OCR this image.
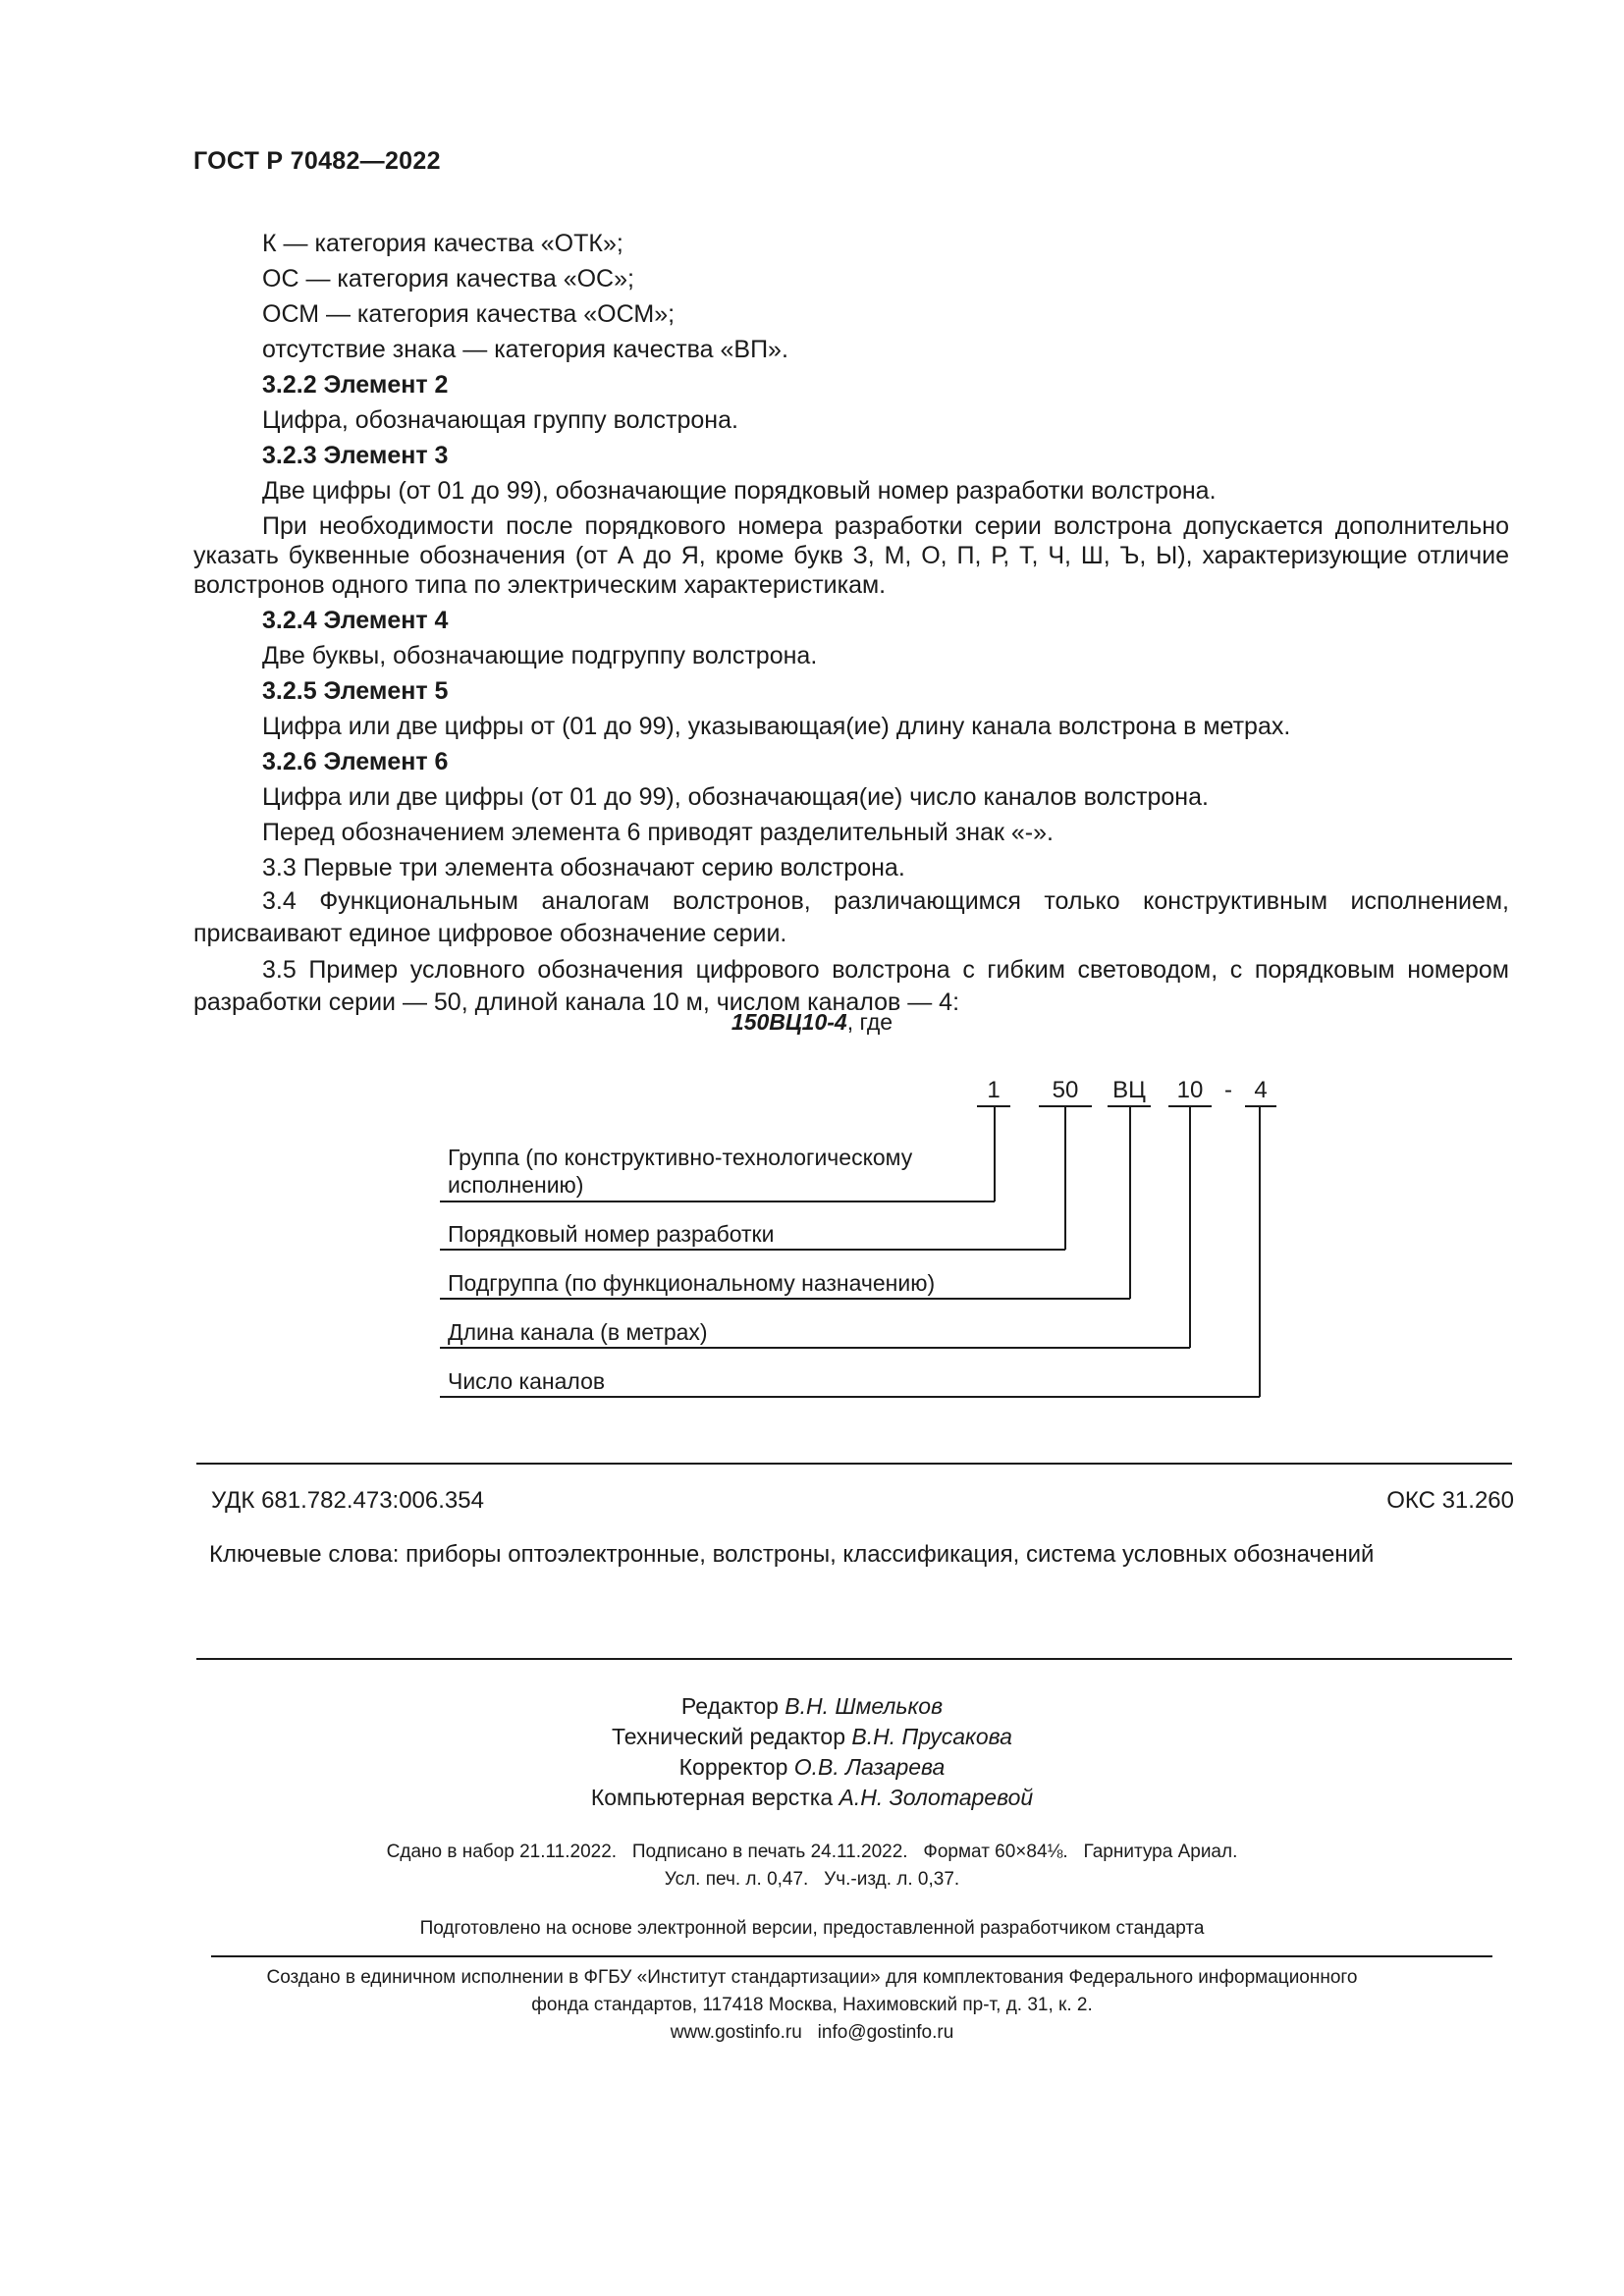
ГОСТ Р 70482—2022

К — категория качества «ОТК»;

ОС — категория качества «ОС»;

ОСМ — категория качества «ОСМ»;

отсутствие знака — категория качества «ВП».

3.2.2 Элемент 2

Цифра, обозначающая группу волстрона.

3.2.3 Элемент 3

Две цифры (от 01 до 99), обозначающие порядковый номер разработки волстрона.

При необходимости после порядкового номера разработки серии волстрона допускается дополнительно указать буквенные обозначения (от А до Я, кроме букв З, М, О, П, Р, Т, Ч, Ш, Ъ, Ы), характеризующие отличие волстронов одного типа по электрическим характеристикам.

3.2.4 Элемент 4

Две буквы, обозначающие подгруппу волстрона.

3.2.5 Элемент 5

Цифра или две цифры от (01 до 99), указывающая(ие) длину канала волстрона в метрах.

3.2.6 Элемент 6

Цифра или две цифры (от 01 до 99), обозначающая(ие) число каналов волстрона.

Перед обозначением элемента 6 приводят разделительный знак «-».

3.3 Первые три элемента обозначают серию волстрона.

3.4 Функциональным аналогам волстронов, различающимся только конструктивным исполнением, присваивают единое цифровое обозначение серии.

3.5 Пример условного обозначения цифрового волстрона с гибким световодом, с порядковым номером разработки серии — 50, длиной канала 10 м, числом каналов — 4:

150ВЦ10-4, где
1 50 ВЦ 10 - 4
Группа (по конструктивно-технологическому
исполнению)
Порядковый номер разработки
Подгруппа (по функциональному назначению)
Длина канала (в метрах)
Число каналов
УДК 681.782.473:006.354	ОКС 31.260
Ключевые слова: приборы оптоэлектронные, волстроны, классификация, система условных обозначений
Редактор В.Н. Шмельков
Технический редактор В.Н. Прусакова
Корректор О.В. Лазарева
Компьютерная верстка А.Н. Золотаревой
Сдано в набор 21.11.2022.   Подписано в печать 24.11.2022.   Формат 60×84⅛.   Гарнитура Ариал.
Усл. печ. л. 0,47.   Уч.-изд. л. 0,37.
Подготовлено на основе электронной версии, предоставленной разработчиком стандарта
Создано в единичном исполнении в ФГБУ «Институт стандартизации» для комплектования Федерального информационного
фонда стандартов, 117418 Москва, Нахимовский пр-т, д. 31, к. 2.
www.gostinfo.ru info@gostinfo.ru
